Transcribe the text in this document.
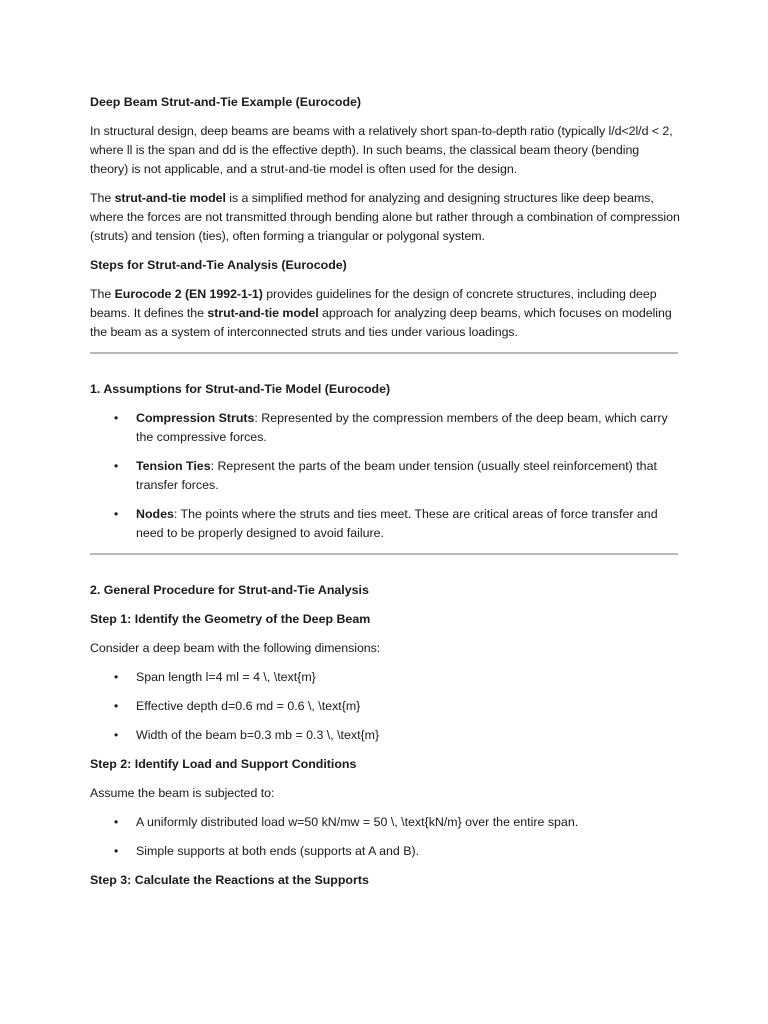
Deep Beam Strut-and-Tie Example (Eurocode)

In structural design, deep beams are beams with a relatively short span-to-depth ratio (typically l/d<2l/d < 2, where ll is the span and dd is the effective depth). In such beams, the classical beam theory (bending theory) is not applicable, and a strut-and-tie model is often used for the design.

The strut-and-tie model is a simplified method for analyzing and designing structures like deep beams, where the forces are not transmitted through bending alone but rather through a combination of compression (struts) and tension (ties), often forming a triangular or polygonal system.

Steps for Strut-and-Tie Analysis (Eurocode)

The Eurocode 2 (EN 1992-1-1) provides guidelines for the design of concrete structures, including deep beams. It defines the strut-and-tie model approach for analyzing deep beams, which focuses on modeling the beam as a system of interconnected struts and ties under various loadings.

1. Assumptions for Strut-and-Tie Model (Eurocode)

• Compression Struts: Represented by the compression members of the deep beam, which carry the compressive forces.
• Tension Ties: Represent the parts of the beam under tension (usually steel reinforcement) that transfer forces.
• Nodes: The points where the struts and ties meet. These are critical areas of force transfer and need to be properly designed to avoid failure.

2. General Procedure for Strut-and-Tie Analysis

Step 1: Identify the Geometry of the Deep Beam

Consider a deep beam with the following dimensions:

• Span length l=4 ml = 4 \, \text{m}
• Effective depth d=0.6 md = 0.6 \, \text{m}
• Width of the beam b=0.3 mb = 0.3 \, \text{m}

Step 2: Identify Load and Support Conditions

Assume the beam is subjected to:

• A uniformly distributed load w=50 kN/mw = 50 \, \text{kN/m} over the entire span.
• Simple supports at both ends (supports at A and B).

Step 3: Calculate the Reactions at the Supports
